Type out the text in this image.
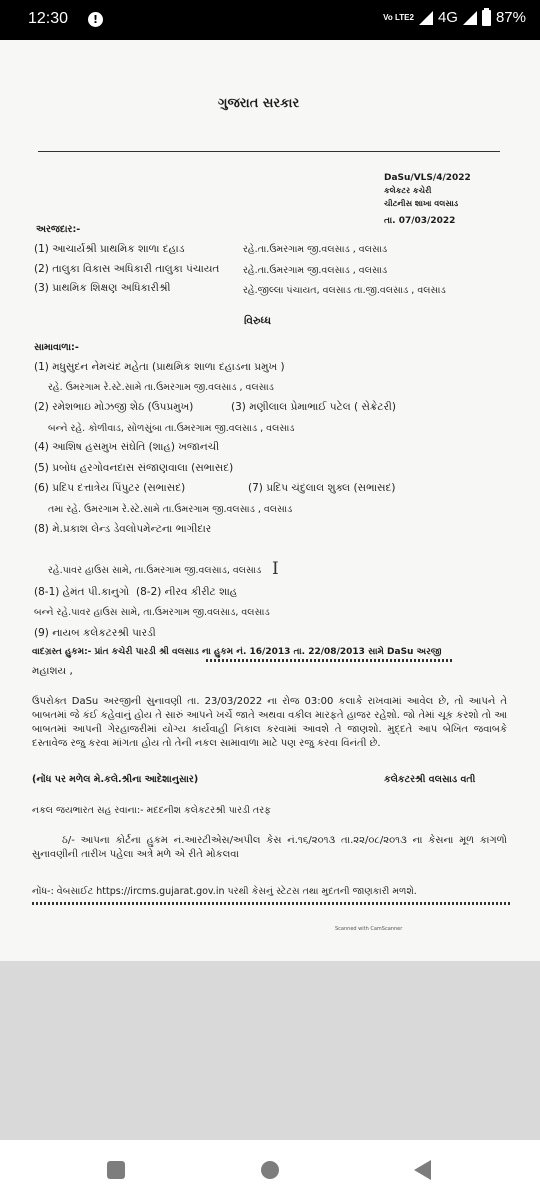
12:30	!	Vo LTE2 4G	87%
ગુજરાત સરકાર
DaSu/VLS/4/2022
કલેકટર કચેરી
ચીટનીસ શાખા વલસાડ
તા. 07/03/2022
અરજદાર:-
(1) આચાર્યશ્રી પ્રાથમિક શાળા દહાડ	રહે.તા.ઉમરગામ જી.વલસાડ , વલસાડ
(2) તાલુકા વિકાસ અધિકારી તાલુકા પંચાયત રહે.તા.ઉમરગામ જી.વલસાડ , વલસાડ
(3) પ્રાથમિક શિક્ષણ અધિકારીશ્રી	રહે.જીલ્લા પંચાયત, વલસાડ તા.જી.વલસાડ , વલસાડ
વિરુધ્ધ
સામાવાળા:-
(1) મધુસુદન નેમચંદ મહેતા (પ્રાથમિક શાળા દહાડના પ્રમુખ )
રહે. ઉમરગામ રે.સ્ટે.સામે તા.ઉમરગામ જી.વલસાડ , વલસાડ
(2) રમેશભાઇ મોઝજી શેઠ (ઉપપ્રમુખ)	(3) મણીલાલ પ્રેમાભાઈ પટેલ ( સેક્રેટરી)
બન્ને રહે. કોળીવાડ, સોળસુંબા તા.ઉમરગામ જી.વલસાડ , વલસાડ
(4) આશિષ હસમુખ સંઘેતિ (શાહ) ખજાનચી
(5) પ્રબોધ હરગોવનદાસ સંજાણવાલા (સભાસદ)
(6) પ્રદિપ દત્તાત્રેય પિંપુટર (સભાસદ)	(7) પ્રદિપ ચંદુલાલ શુક્લ (સભાસદ)
તમા રહે. ઉમરગામ રે.સ્ટે.સામે તા.ઉમરગામ જી.વલસાડ , વલસાડ
(8) મે.પ્રકાશ લેન્ડ ડેવલોપમેન્ટના ભાગીદાર
રહે.પાવર હાઉસ સામે, તા.ઉમરગામ જી.વલસાડ, વલસાડ I
(8-1) હેમંત પી.કાનુગો (8-2) નીરવ કીરીટ શાહ
બન્ને રહે.પાવર હાઉસ સામે, તા.ઉમરગામ જી.વલસાડ, વલસાડ
(9) નાયબ કલેકટરશ્રી પારડી
વાદગ્રસ્ત હુકમ:- પ્રાંત કચેરી પારડી શ્રી વલસાડ ના હુકમ નં. 16/2013 તા. 22/08/2013 સામે DaSu અરજી
મહાશય ,
ઉપરોક્ત DaSu અરજીની સુનાવણી તા. 23/03/2022 ના રોજ 03:00 કલાકે રાખવામાં આવેલ છે, તો આપને તે બાબતમાં જે કંઈ કહેવાનું હોય તે સારું આપને ખર્ચે જાતે અથવા વકીલ મારફતે હાજર રહેશો. જો તેમાં ચૂક કરશો તો આ બાબતમાં આપની ગેરહાજરીમાં યોગ્ય કાર્યવાહી નિકાલ કરવામાં આવશે તે જાણશો. મુદ્દતે આપ બેખિત જવાબકે દસ્તાવેજ રજુ કરવા માંગતા હોય તો તેની નકલ સામાવાળા માટે પણ રજુ કરવા વિનંતી છે.
(નોંધ પર મળેલ મે.કલે.શ્રીના આદેશાનુસાર)	કલેકટરશ્રી વલસાડ વતી
નકલ જયભારત સહ રવાના:- મદદનીશ કલેકટરશ્રી પારડી તરફ
ઠ/- આપના કોર્ટના હુકમ નં.આરટીએસ/અપીલ કેસ નં.૧૬/૨૦૧૩ તા.૨૨/૦૮/૨૦૧૩ ના કેસના મૂળ કાગળો સુનાવણીની તારીખ પહેલા અત્રે મળે એ રીતે મોકલવા
નોંધ-: વેબસાઈટ https://ircms.gujarat.gov.in પરથી કેસનું સ્ટેટસ તથા મુદતની જાણકારી મળશે.
Scanned with CamScanner
